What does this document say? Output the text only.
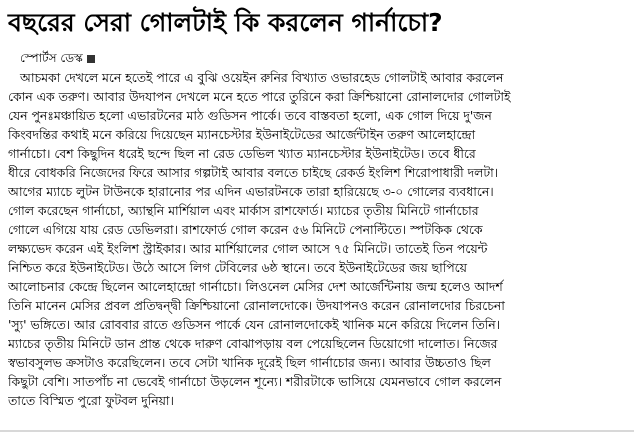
বছরের সেরা গোলটাই কি করলেন গার্নাচো?
স্পোর্টস ডেস্ক
আচমকা দেখলে মনে হতেই পারে এ বুঝি ওয়েইন রুনির বিখ্যাত ওভারহেড গোলটাই আবার করলেন
কোন এক তরুণ। আবার উদযাপন দেখলে মনে হতে পারে তুরিনে করা ক্রিশ্চিয়ানো রোনালদোর গোলটাই
যেন পুনঃমঞ্চায়িত হলো এভারটনের মাঠ গুডিসন পার্কে। তবে বাস্তবতা হলো, এক গোল দিয়ে দু'জন
কিংবদন্তির কথাই মনে করিয়ে দিয়েছেন ম্যানচেস্টার ইউনাইটেডের আর্জেন্টাইন তরুণ আলেহান্দ্রো
গার্নাচো। বেশ কিছুদিন ধরেই ছন্দে ছিল না রেড ডেভিল খ্যাত ম্যানচেস্টার ইউনাইটেড। তবে ধীরে
ধীরে বোধকরি নিজেদের ফিরে আসার গল্পটাই আবার বলতে চাইছে রেকর্ড ইংলিশ শিরোপাধারী দলটা।
আগের ম্যাচে লুটন টাউনকে হারানোর পর এদিন এভারটনকে তারা হারিয়েছে ৩-০ গোলের ব্যবধানে।
গোল করেছেন গার্নাচো, অ্যান্থনি মার্শিয়াল এবং মার্কাস রাশফোর্ড। ম্যাচের তৃতীয় মিনিটে গার্নাচোর
গোলে এগিয়ে যায় রেড ডেভিলরা। রাশফোর্ড গোল করেন ৫৬ মিনিটে পেনাল্টিতে। স্পটকিক থেকে
লক্ষ্যভেদ করেন এই ইংলিশ স্ট্রাইকার। আর মার্শিয়ালের গোল আসে ৭৫ মিনিটে। তাতেই তিন পয়েন্ট
নিশ্চিত করে ইউনাইটেড। উঠে আসে লিগ টেবিলের ৬ষ্ঠ স্থানে। তবে ইউনাইটেডের জয় ছাপিয়ে
আলোচনার কেন্দ্রে ছিলেন আলেহান্দ্রো গার্নাচো। লিওনেল মেসির দেশ আর্জেন্টিনায় জন্ম হলেও আদর্শ
তিনি মানেন মেসির প্রবল প্রতিদ্বন্দ্বী ক্রিশ্চিয়ানো রোনালদোকে। উদযাপনও করেন রোনালদোর চিরচেনা
'স্যু' ভঙ্গিতে। আর রোববার রাতে গুডিসন পার্কে যেন রোনালদোকেই খানিক মনে করিয়ে দিলেন তিনি।
ম্যাচের তৃতীয় মিনিটে ডান প্রান্ত থেকে দারুণ বোঝাপড়ায় বল পেয়েছিলেন ডিয়োগো দালোত। নিজের
স্বভাবসুলভ ক্রসটাও করেছিলেন। তবে সেটা খানিক দূরেই ছিল গার্নাচোর জন্য। আবার উচ্চতাও ছিল
কিছুটা বেশি। সাতপাঁচ না ভেবেই গার্নাচো উড়লেন শূন্যে। শরীরটাকে ভাসিয়ে যেমনভাবে গোল করলেন
তাতে বিস্মিত পুরো ফুটবল দুনিয়া।
